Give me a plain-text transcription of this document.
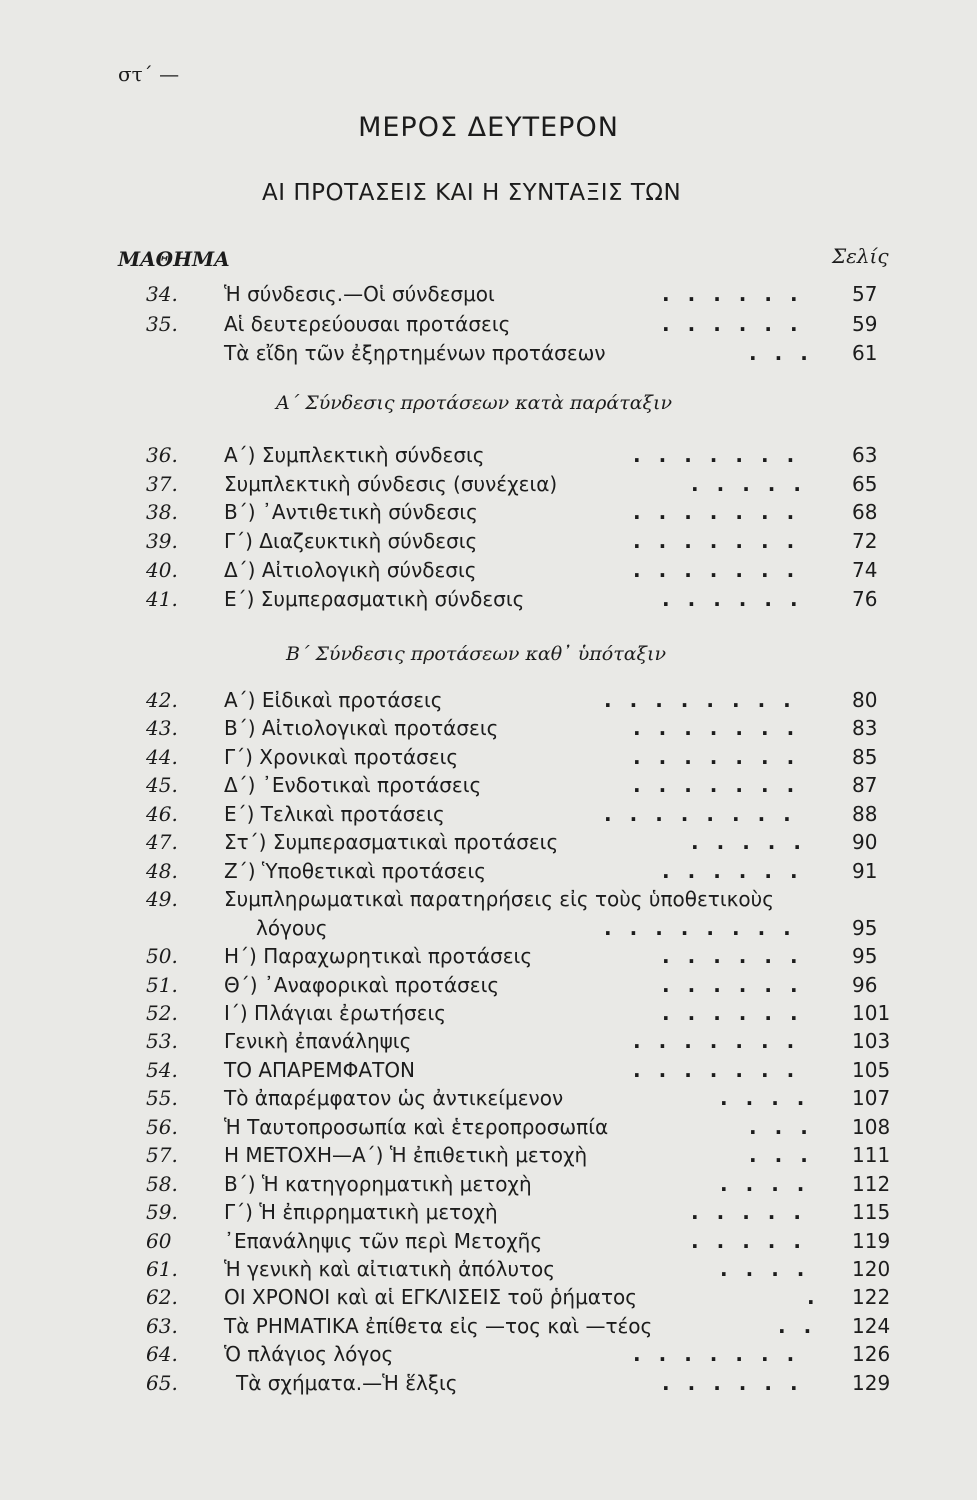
στ΄ —
ΜΕΡΟΣ ΔΕΥΤΕΡΟΝ
ΑΙ ΠΡΟΤΑΣΕΙΣ ΚΑΙ Η ΣΥΝΤΑΞΙΣ ΤΩΝ
ΜΑΘΗΜΑ	Σελίς
34.	Ἡ σύνδεσις.—Οἱ σύνδεσμοι	...... 57
35.	Αἱ δευτερεύουσαι προτάσεις	...... 59
Τὰ εἴδη τῶν ἐξηρτημένων προτάσεων	... 61
Α΄ Σύνδεσις προτάσεων κατὰ παράταξιν
36.	Α΄) Συμπλεκτικὴ σύνδεσις	....... 63
37.	Συμπλεκτικὴ σύνδεσις (συνέχεια)	..... 65
38.	Β΄) ᾿Αντιθετικὴ σύνδεσις	....... 68
39.	Γ΄) Διαζευκτικὴ σύνδεσις	....... 72
40.	Δ΄) Αἰτιολογικὴ σύνδεσις	....... 74
41.	Ε΄) Συμπερασματικὴ σύνδεσις	...... 76
Β΄ Σύνδεσις προτάσεων καθ᾿ ὑπόταξιν
42.	Α΄) Εἰδικαὶ προτάσεις	........ 80
43.	Β΄) Αἰτιολογικαὶ προτάσεις	....... 83
44.	Γ΄) Χρονικαὶ προτάσεις	....... 85
45.	Δ΄) ᾿Ενδοτικαὶ προτάσεις	....... 87
46.	Ε΄) Τελικαὶ προτάσεις	........ 88
47.	Στ΄) Συμπερασματικαὶ προτάσεις	..... 90
48.	Ζ΄) Ὑποθετικαὶ προτάσεις	...... 91
49.	Συμπληρωματικαὶ παρατηρήσεις εἰς τοὺς ὑποθετικοὺς
λόγους	........ 95
50.	Η΄) Παραχωρητικαὶ προτάσεις	...... 95
51.	Θ΄) ᾿Αναφορικαὶ προτάσεις	...... 96
52.	Ι΄) Πλάγιαι ἐρωτήσεις	...... 101
53.	Γενικὴ ἐπανάληψις	....... 103
54.	ΤΟ ΑΠΑΡΕΜΦΑΤΟΝ	....... 105
55.	Τὸ ἀπαρέμφατον ὡς ἀντικείμενον	.... 107
56.	Ἡ Ταυτοπροσωπία καὶ ἑτεροπροσωπία	... 108
57.	Η ΜΕΤΟΧΗ—Α΄) Ἡ ἐπιθετικὴ μετοχὴ	... 111
58.	Β΄) Ἡ κατηγορηματικὴ μετοχὴ	.... 112
59.	Γ΄) Ἡ ἐπιρρηματικὴ μετοχὴ	..... 115
60	᾿Επανάληψις τῶν περὶ Μετοχῆς	..... 119
61.	Ἡ γενικὴ καὶ αἰτιατικὴ ἀπόλυτος	.... 120
62.	ΟΙ ΧΡΟΝΟΙ καὶ αἱ ΕΓΚΛΙΣΕΙΣ τοῦ ῥήματος	. 122
63.	Τὰ ΡΗΜΑΤΙΚΑ ἐπίθετα εἰς —τος καὶ —τέος	.. 124
64.	Ὁ πλάγιος λόγος	....... 126
65.	Τὰ σχήματα.—Ἡ ἕλξις	...... 129
